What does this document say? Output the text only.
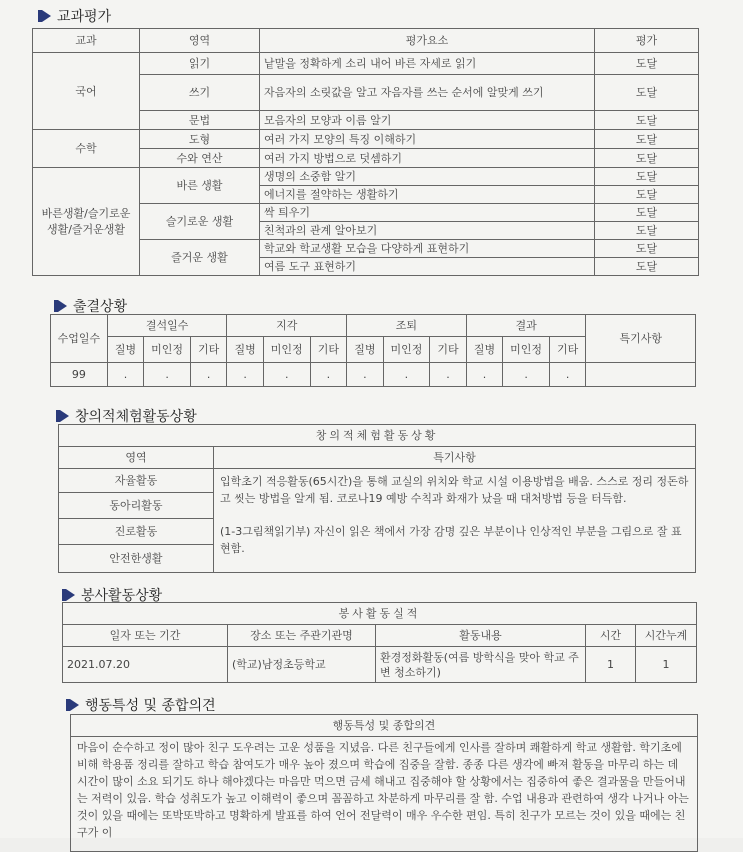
교과평가
교과	영역	평가요소	평가
국어	읽기	낱말을 정확하게 소리 내어 바른 자세로 읽기	도달
	쓰기	자음자의 소릿값을 알고 자음자를 쓰는 순서에 알맞게 쓰기	도달
	문법	모음자의 모양과 이름 알기	도달
수학	도형	여러 가지 모양의 특징 이해하기	도달
	수와 연산	여러 가지 방법으로 덧셈하기	도달
바른생활/슬기로운생활/즐거운생활	바른 생활	생명의 소중함 알기	도달
		에너지를 절약하는 생활하기	도달
	슬기로운 생활	싹 틔우기	도달
		친척과의 관계 알아보기	도달
	즐거운 생활	학교와 학교생활 모습을 다양하게 표현하기	도달
		여름 도구 표현하기	도달
출결상황
수업일수	결석일수			지각			조퇴			결과			특기사항
	질병	미인정	기타	질병	미인정	기타	질병	미인정	기타	질병	미인정	기타	
99	.	.	.	.	.	.	.	.	.	.	.	.	
창의적체험활동상황
창의적체험활동상황	
영역	특기사항
자율활동	입학초기 적응활동(65시간)을 통해 교실의 위치와 학교 시설 이용방법을 배움. 스스로 정리 정돈하고 씻는 방법을 알게 됨. 코로나19 예방 수칙과 화재가 났을 때 대처방법 등을 터득함.
(1-3그림책읽기부) 자신이 읽은 책에서 가장 감명 깊은 부분이나 인상적인 부분을 그림으로 잘 표현함.

동아리활동	
진로활동	
안전한생활	
봉사활동상황
봉사활동실적				
일자 또는 기간	장소 또는 주관기관명	활동내용	시간	시간누계
2021.07.20	(학교)남정초등학교	환경정화활동(여름 방학식을 맞아 학교 주변 청소하기)	1	1
행동특성 및 종합의견
행동특성 및 종합의견
마음이 순수하고 정이 많아 친구 도우려는 고운 성품을 지녔음. 다른 친구들에게 인사를 잘하며 쾌활하게 학교 생활함. 학기초에 비해 학용품 정리를 잘하고 학습 참여도가 매우 높아 졌으며 학습에 집중을 잘함. 종종 다른 생각에 빠져 활동을 마무리 하는 데 시간이 많이 소요 되기도 하나 해야겠다는 마음만 먹으면 금세 해내고 집중해야 할 상황에서는 집중하여 좋은 결과물을 만들어내는 저력이 있음. 학습 성취도가 높고 이해력이 좋으며 꼼꼼하고 차분하게 마무리를 잘 함. 수업 내용과 관련하여 생각 나거나 아는 것이 있을 때에는 또박또박하고 명확하게 발표를 하여 언어 전달력이 매우 우수한 편임. 특히 친구가 모르는 것이 있을 때에는 친구가 이
